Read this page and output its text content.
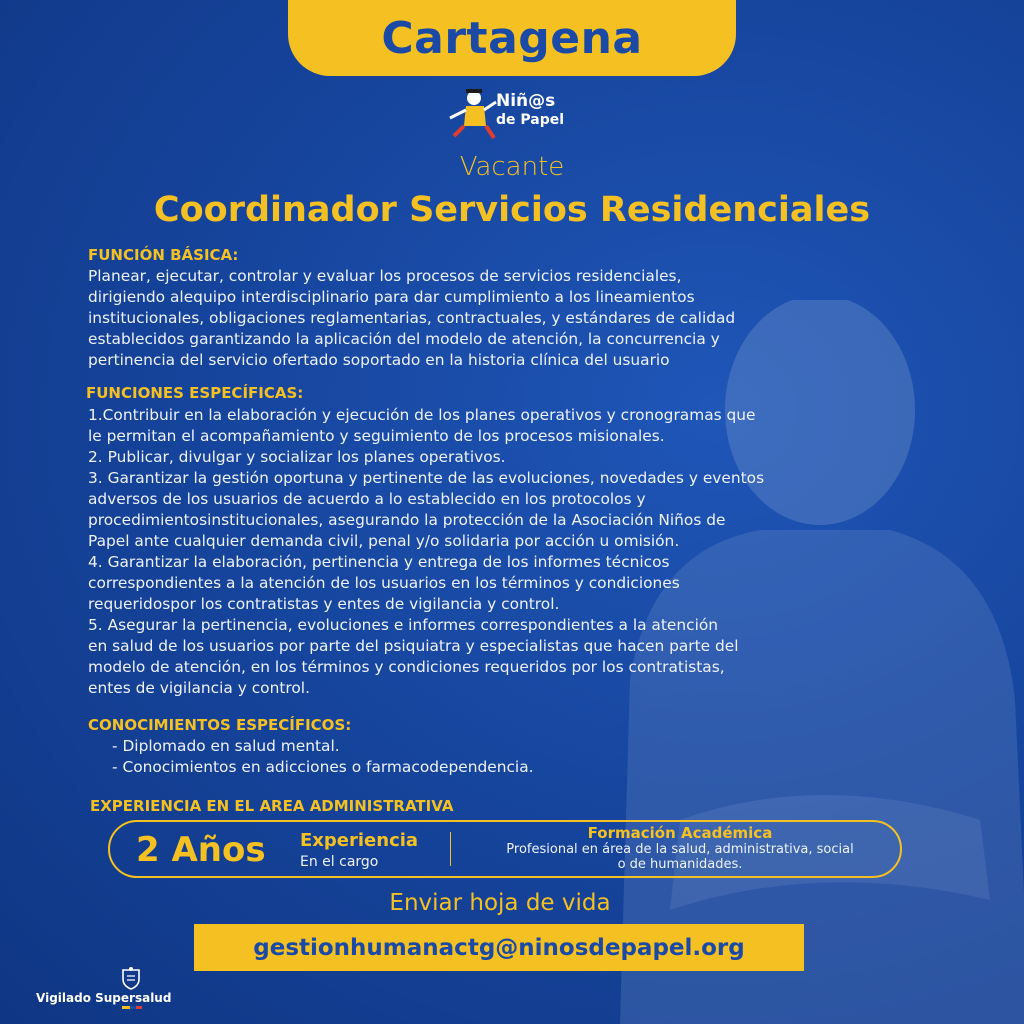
Cartagena
Niñ@s
de Papel
Vacante
Coordinador Servicios Residenciales
FUNCIÓN BÁSICA:
Planear, ejecutar, controlar y evaluar los procesos de servicios residenciales,
dirigiendo alequipo interdisciplinario para dar cumplimiento a los lineamientos
institucionales, obligaciones reglamentarias, contractuales, y estándares de calidad
establecidos garantizando la aplicación del modelo de atención, la concurrencia y
pertinencia del servicio ofertado soportado en la historia clínica del usuario
FUNCIONES ESPECÍFICAS:
1.Contribuir en la elaboración y ejecución de los planes operativos y cronogramas que
le permitan el acompañamiento y seguimiento de los procesos misionales.
2. Publicar, divulgar y socializar los planes operativos.
3. Garantizar la gestión oportuna y pertinente de las evoluciones, novedades y eventos
adversos de los usuarios de acuerdo a lo establecido en los protocolos y
procedimientosinstitucionales, asegurando la protección de la Asociación Niños de
Papel ante cualquier demanda civil, penal y/o solidaria por acción u omisión.
4. Garantizar la elaboración, pertinencia y entrega de los informes técnicos
correspondientes a la atención de los usuarios en los términos y condiciones
requeridospor los contratistas y entes de vigilancia y control.
5. Asegurar la pertinencia, evoluciones e informes correspondientes a la atención
en salud de los usuarios por parte del psiquiatra y especialistas que hacen parte del
modelo de atención, en los términos y condiciones requeridos por los contratistas,
entes de vigilancia y control.
CONOCIMIENTOS ESPECÍFICOS:
- Diplomado en salud mental.
- Conocimientos en adicciones o farmacodependencia.
EXPERIENCIA EN EL AREA ADMINISTRATIVA
2 Años Experiencia
En el cargo
Formación Académica
Profesional en área de la salud, administrativa, social
o de humanidades.
Enviar hoja de vida
gestionhumanactg@ninosdepapel.org
Vigilado Supersalud
